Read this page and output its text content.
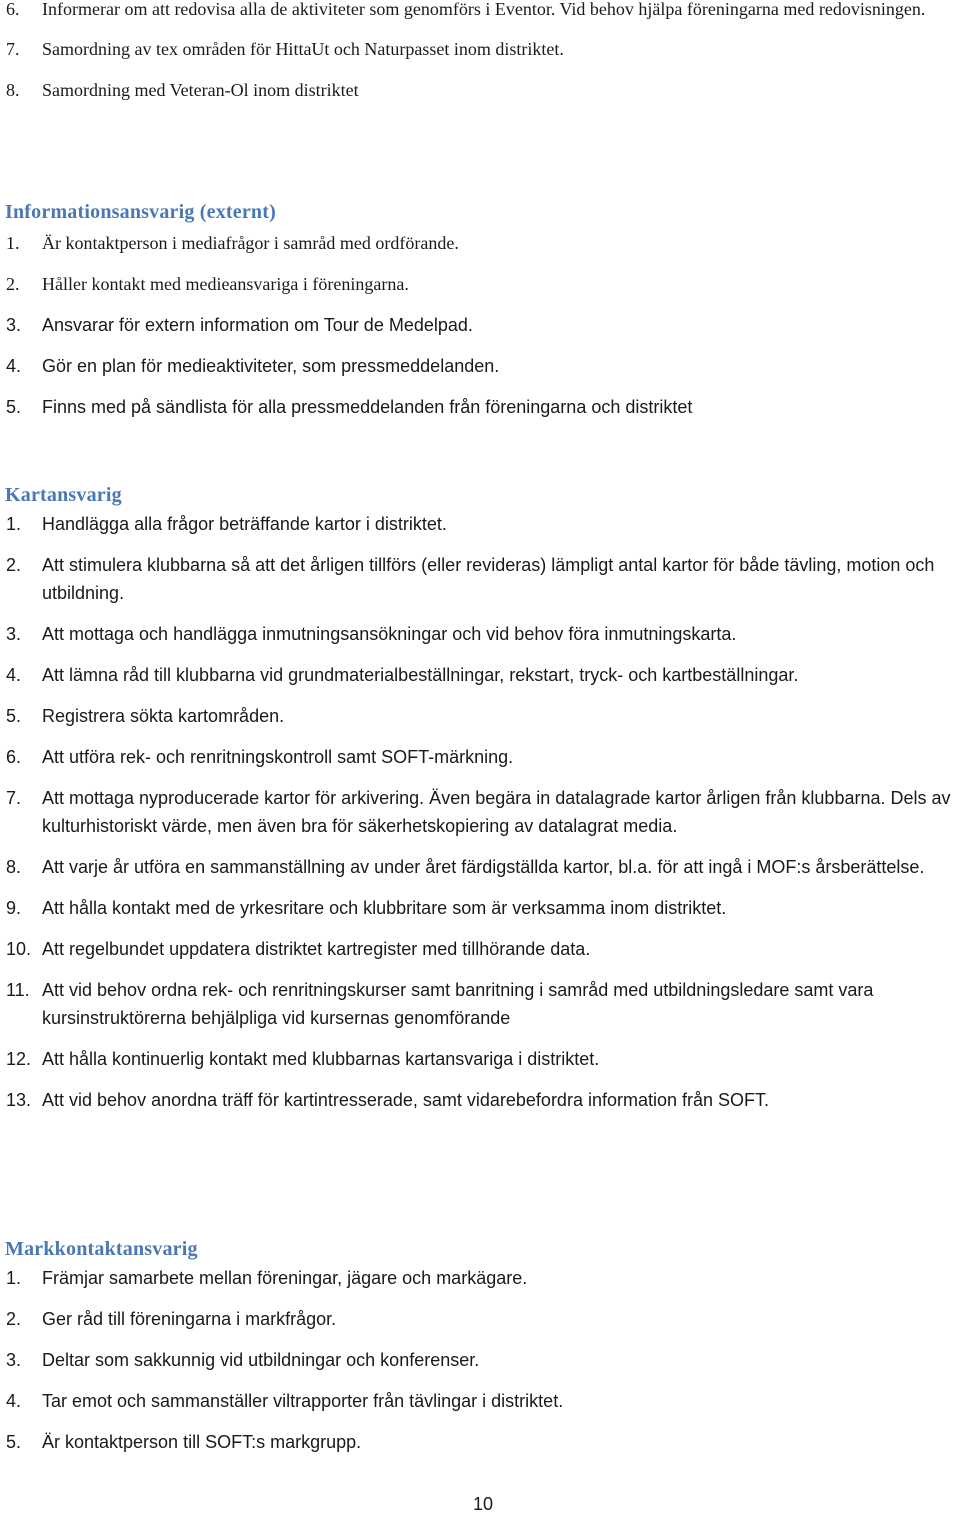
6.	Informerar om att redovisa alla de aktiviteter som genomförs i Eventor. Vid behov hjälpa föreningarna med redovisningen.
7.	Samordning av tex områden för HittaUt och Naturpasset inom distriktet.
8.	Samordning med Veteran-Ol inom distriktet
Informationsansvarig (externt)
1.	Är kontaktperson i mediafrågor i samråd med ordförande.
2.	Håller kontakt med medieansvariga i föreningarna.
3.	Ansvarar för extern information om Tour de Medelpad.
4.	Gör en plan för medieaktiviteter, som pressmeddelanden.
5.	Finns med på sändlista för alla pressmeddelanden från föreningarna och distriktet
Kartansvarig
1.	Handlägga alla frågor beträffande kartor i distriktet.
2.	Att stimulera klubbarna så att det årligen tillförs (eller revideras) lämpligt antal kartor för både tävling, motion och utbildning.
3.	Att mottaga och handlägga inmutningsansökningar och vid behov föra inmutningskarta.
4.	Att lämna råd till klubbarna vid grundmaterialbeställningar, rekstart, tryck- och kartbeställningar.
5.	Registrera sökta kartområden.
6.	Att utföra rek- och renritningskontroll samt SOFT-märkning.
7.	Att mottaga nyproducerade kartor för arkivering. Även begära in datalagrade kartor årligen från klubbarna. Dels av kulturhistoriskt värde, men även bra för säkerhetskopiering av datalagrat media.
8.	Att varje år utföra en sammanställning av under året färdigställda kartor, bl.a. för att ingå i MOF:s årsberättelse.
9.	Att hålla kontakt med de yrkesritare och klubbritare som är verksamma inom distriktet.
10. Att regelbundet uppdatera distriktet kartregister med tillhörande data.
11. Att vid behov ordna rek- och renritningskurser samt banritning i samråd med utbildningsledare samt vara kursinstruktörerna behjälpliga vid kursernas genomförande
12. Att hålla kontinuerlig kontakt med klubbarnas kartansvariga i distriktet.
13. Att vid behov anordna träff för kartintresserade, samt vidarebefordra information från SOFT.
Markkontaktansvarig
1.	Främjar samarbete mellan föreningar, jägare och markägare.
2.	Ger råd till föreningarna i markfrågor.
3.	Deltar som sakkunnig vid utbildningar och konferenser.
4.	Tar emot och sammanställer viltrapporter från tävlingar i distriktet.
5.	Är kontaktperson till SOFT:s markgrupp.
10
